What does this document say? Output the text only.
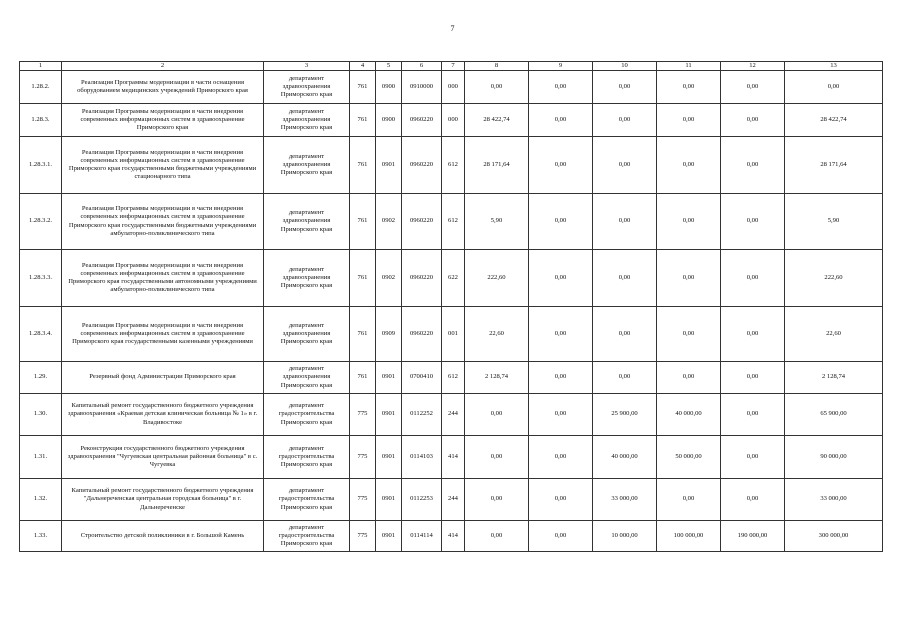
7
1	2	3	4	5	6	7	8	9	10	11	12	13
1.28.2.	Реализация Программы модернизации в части оснащения оборудованием медицинских учреждений Приморского края	департамент здравоохранения Приморского края	761	0900	0910000	000	0,00	0,00	0,00	0,00	0,00	0,00
1.28.3.	Реализация Программы модернизации в части внедрения современных информационных систем в здравоохранение Приморского края	департамент здравоохранения Приморского края	761	0900	0960220	000	28 422,74	0,00	0,00	0,00	0,00	28 422,74
1.28.3.1.	Реализация Программы модернизации в части внедрения современных информационных систем в здравоохранение Приморского края государственными бюджетными учреждениями стационарного типа	департамент здравоохранения Приморского края	761	0901	0960220	612	28 171,64	0,00	0,00	0,00	0,00	28 171,64
1.28.3.2.	Реализация Программы модернизации в части внедрения современных информационных систем в здравоохранение Приморского края государственными бюджетными учреждениями амбулаторно-поликлинического типа	департамент здравоохранения Приморского края	761	0902	0960220	612	5,90	0,00	0,00	0,00	0,00	5,90
1.28.3.3.	Реализация Программы модернизации в части внедрения современных информационных систем в здравоохранение Приморского края государственными автономными учреждениями амбулаторно-поликлинического типа	департамент здравоохранения Приморского края	761	0902	0960220	622	222,60	0,00	0,00	0,00	0,00	222,60
1.28.3.4.	Реализация Программы модернизации в части внедрения современных информационных систем в здравоохранение Приморского края государственными казенными учреждениями	департамент здравоохранения Приморского края	761	0909	0960220	001	22,60	0,00	0,00	0,00	0,00	22,60
1.29.	Резервный фонд Администрации Приморского края	департамент здравоохранения Приморского края	761	0901	0700410	612	2 128,74	0,00	0,00	0,00	0,00	2 128,74
1.30.	Капитальный ремонт государственного бюджетного учреждения здравоохранения «Краевая детская клиническая больница № 1» в г. Владивостоке	департамент градостроительства Приморского края	775	0901	0112252	244	0,00	0,00	25 900,00	40 000,00	0,00	65 900,00
1.31.	Реконструкция государственного бюджетного учреждения здравоохранения "Чугуевская центральная районная больница" в с. Чугуевка	департамент градостроительства Приморского края	775	0901	0114103	414	0,00	0,00	40 000,00	50 000,00	0,00	90 000,00
1.32.	Капитальный ремонт государственного бюджетного учреждения "Дальнереченская центральная городская больница" в г. Дальнереченске	департамент градостроительства Приморского края	775	0901	0112253	244	0,00	0,00	33 000,00	0,00	0,00	33 000,00
1.33.	Строительство детской поликлиники в г. Большой Камень	департамент градостроительства Приморского края	775	0901	0114114	414	0,00	0,00	10 000,00	100 000,00	190 000,00	300 000,00
